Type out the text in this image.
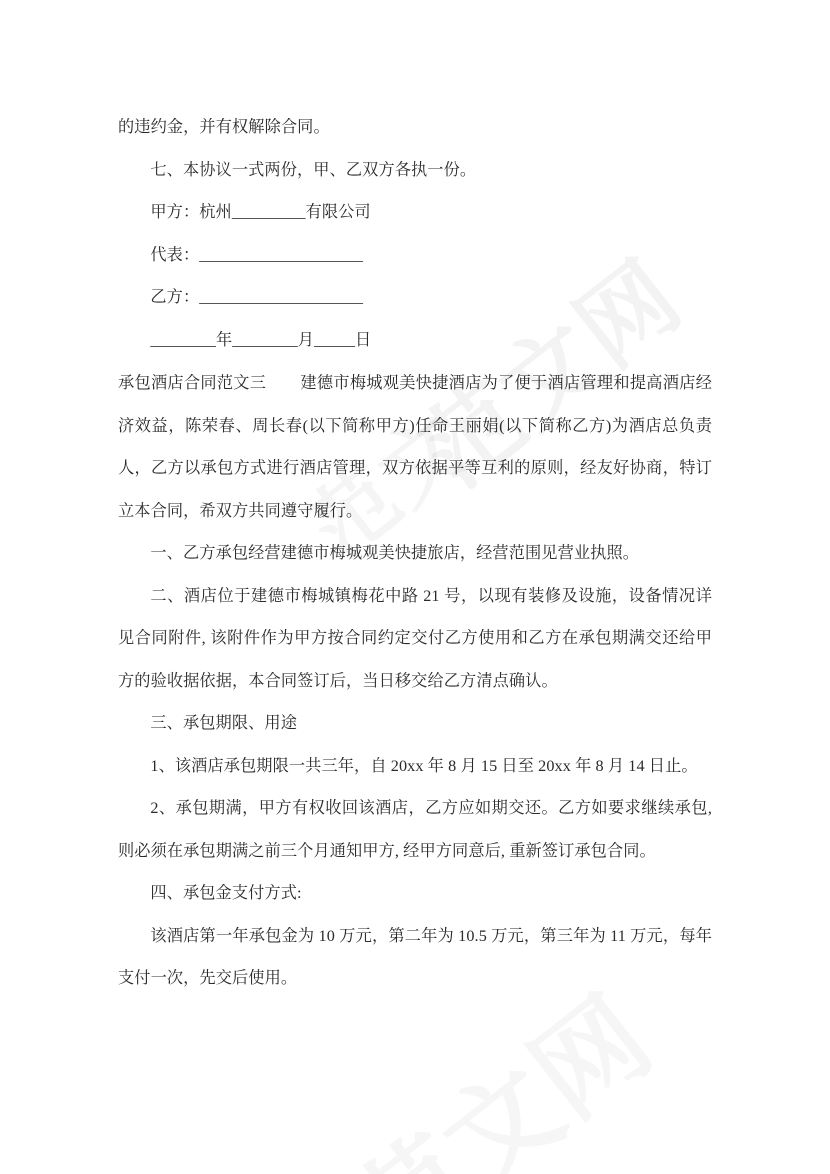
的违约金，并有权解除合同。

七、本协议一式两份，甲、乙双方各执一份。

甲方：杭州_________有限公司

代表：____________________

乙方：____________________

________年________月_____日

承包酒店合同范文三 建德市梅城观美快捷酒店为了便于酒店管理和提高酒店经济效益，陈荣春、周长春(以下简称甲方)任命王丽娟(以下简称乙方)为酒店总负责人，乙方以承包方式进行酒店管理，双方依据平等互利的原则，经友好协商，特订立本合同，希双方共同遵守履行。

一、乙方承包经营建德市梅城观美快捷旅店，经营范围见营业执照。

二、酒店位于建德市梅城镇梅花中路 21 号，以现有装修及设施，设备情况详见合同附件, 该附件作为甲方按合同约定交付乙方使用和乙方在承包期满交还给甲方的验收据依据，本合同签订后，当日移交给乙方清点确认。

三、承包期限、用途

1、该酒店承包期限一共三年，自 20xx 年 8 月 15 日至 20xx 年 8 月 14 日止。

2、承包期满，甲方有权收回该酒店，乙方应如期交还。乙方如要求继续承包, 则必须在承包期满之前三个月通知甲方, 经甲方同意后, 重新签订承包合同。

四、承包金支付方式:

该酒店第一年承包金为 10 万元，第二年为 10.5 万元，第三年为 11 万元，每年支付一次，先交后使用。
